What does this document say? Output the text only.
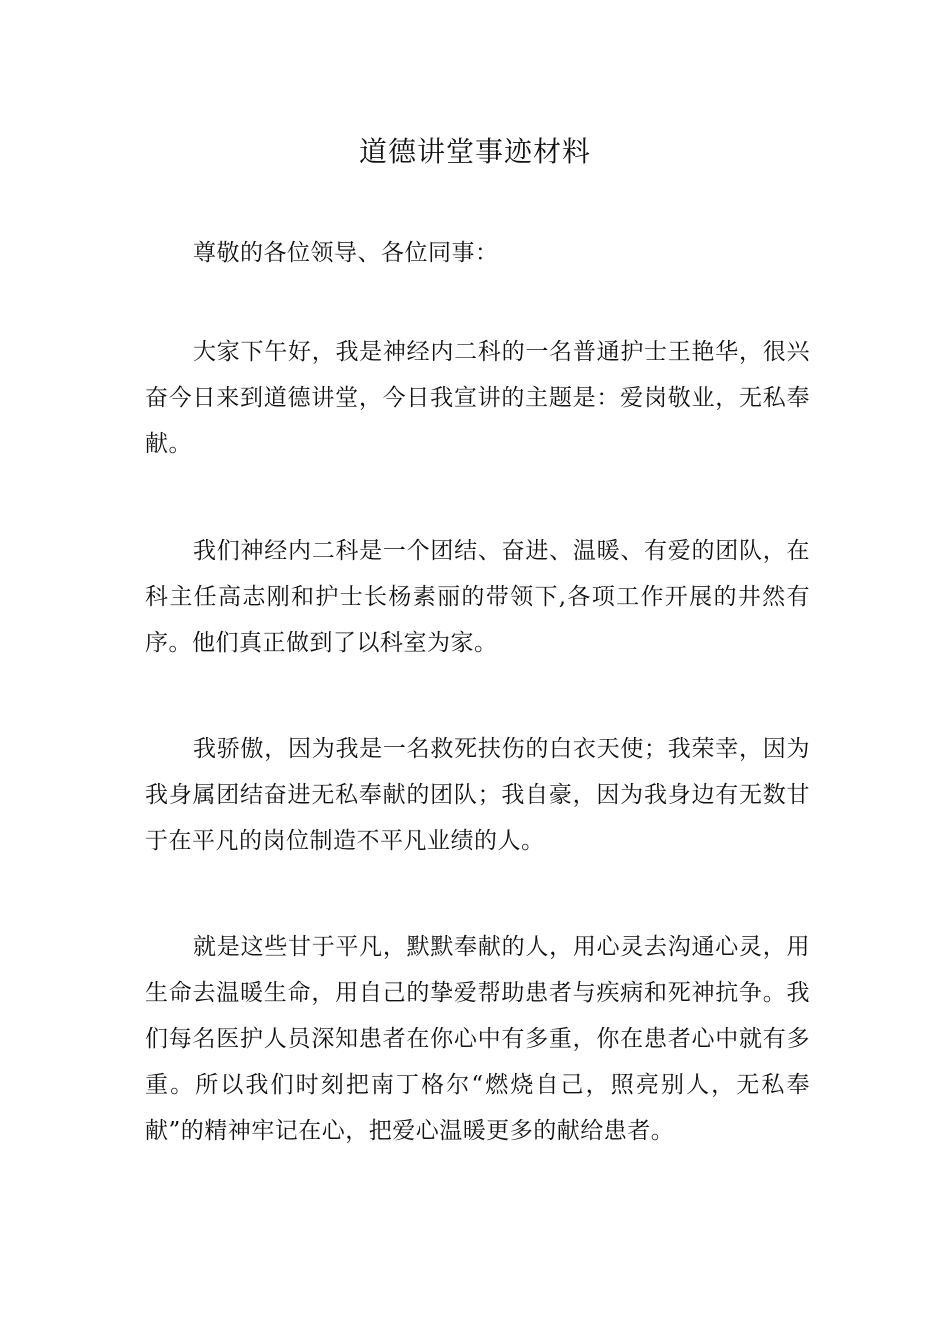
道德讲堂事迹材料

尊敬的各位领导、各位同事：

大家下午好，我是神经内二科的一名普通护士王艳华，很兴奋今日来到道德讲堂，今日我宣讲的主题是：爱岗敬业，无私奉献。

我们神经内二科是一个团结、奋进、温暖、有爱的团队，在科主任高志刚和护士长杨素丽的带领下,各项工作开展的井然有序。他们真正做到了以科室为家。

我骄傲，因为我是一名救死扶伤的白衣天使；我荣幸，因为我身属团结奋进无私奉献的团队；我自豪，因为我身边有无数甘于在平凡的岗位制造不平凡业绩的人。

就是这些甘于平凡，默默奉献的人，用心灵去沟通心灵，用生命去温暖生命，用自己的挚爱帮助患者与疾病和死神抗争。我们每名医护人员深知患者在你心中有多重，你在患者心中就有多重。所以我们时刻把南丁格尔“燃烧自己，照亮别人，无私奉献”的精神牢记在心，把爱心温暖更多的献给患者。
